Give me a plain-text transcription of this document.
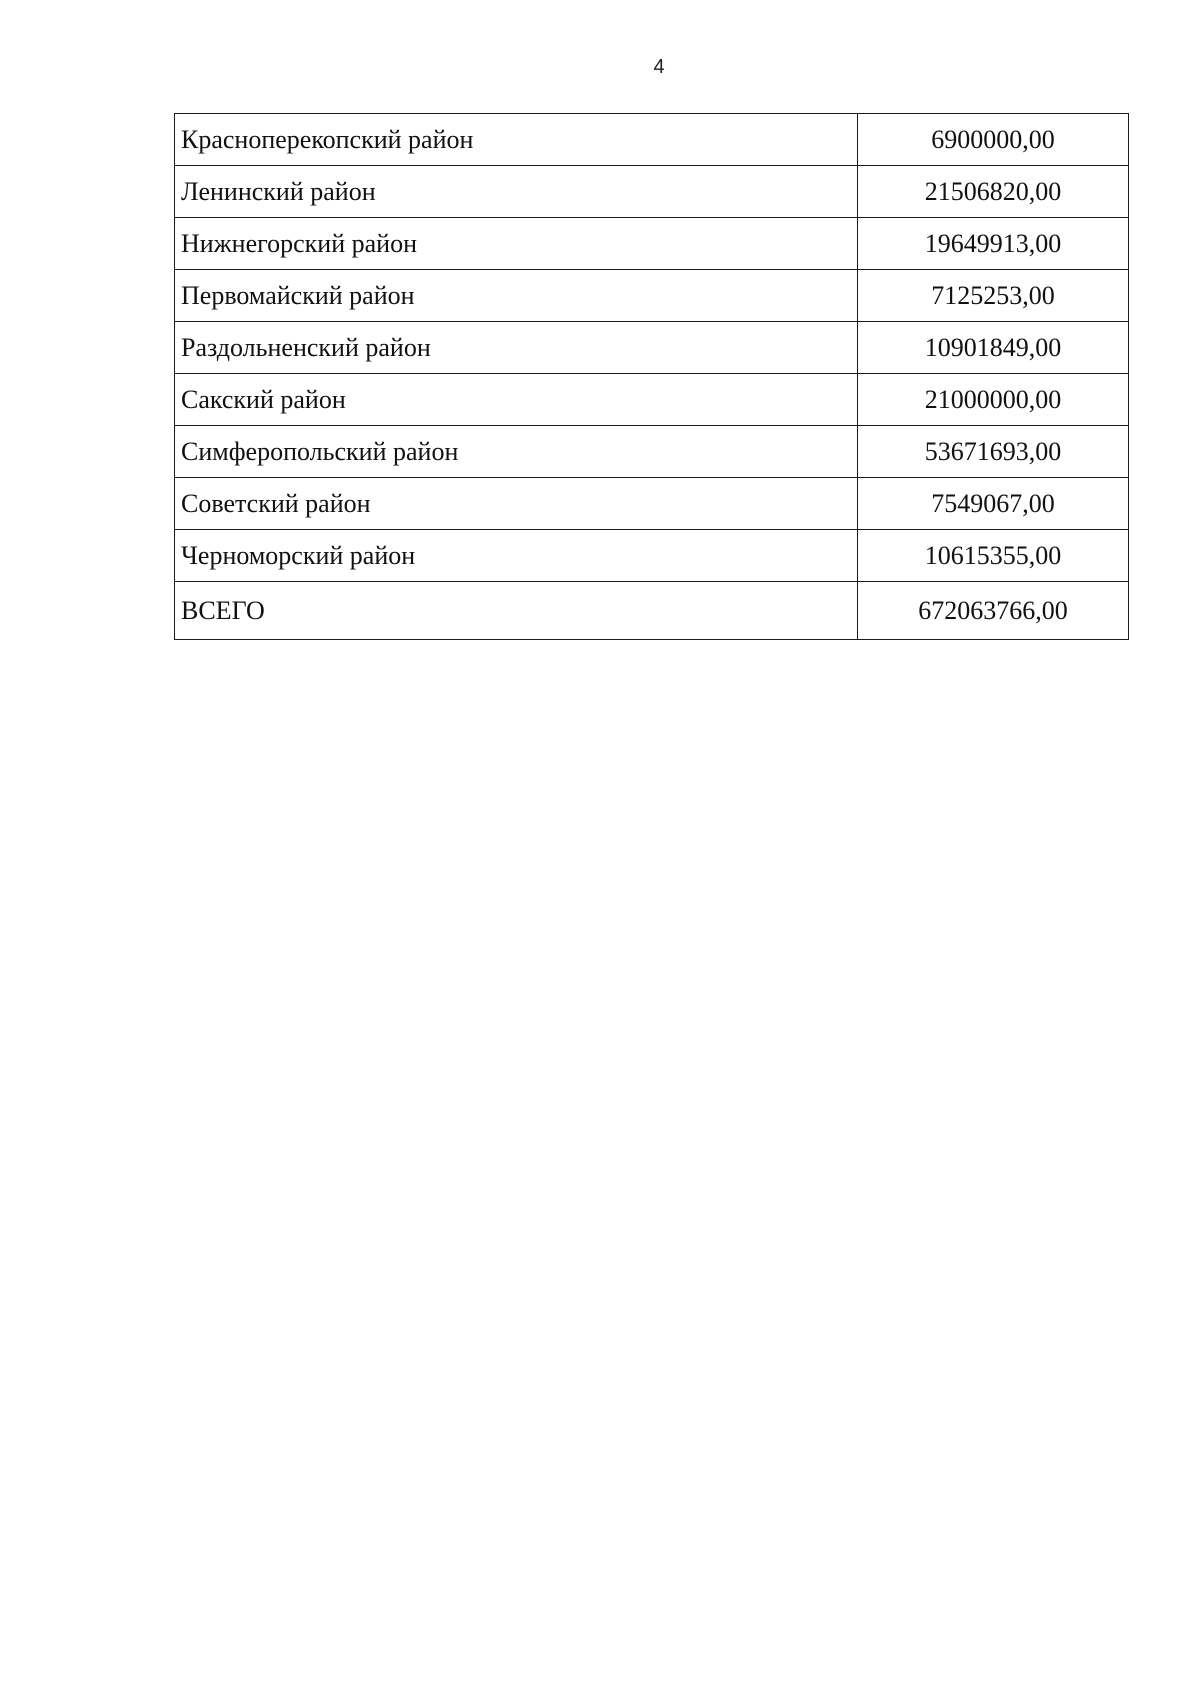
4
Красноперекопский район	6900000,00
Ленинский район	21506820,00
Нижнегорский район	19649913,00
Первомайский район	7125253,00
Раздольненский район	10901849,00
Сакский район	21000000,00
Симферопольский район	53671693,00
Советский район	7549067,00
Черноморский район	10615355,00
ВСЕГО	672063766,00
